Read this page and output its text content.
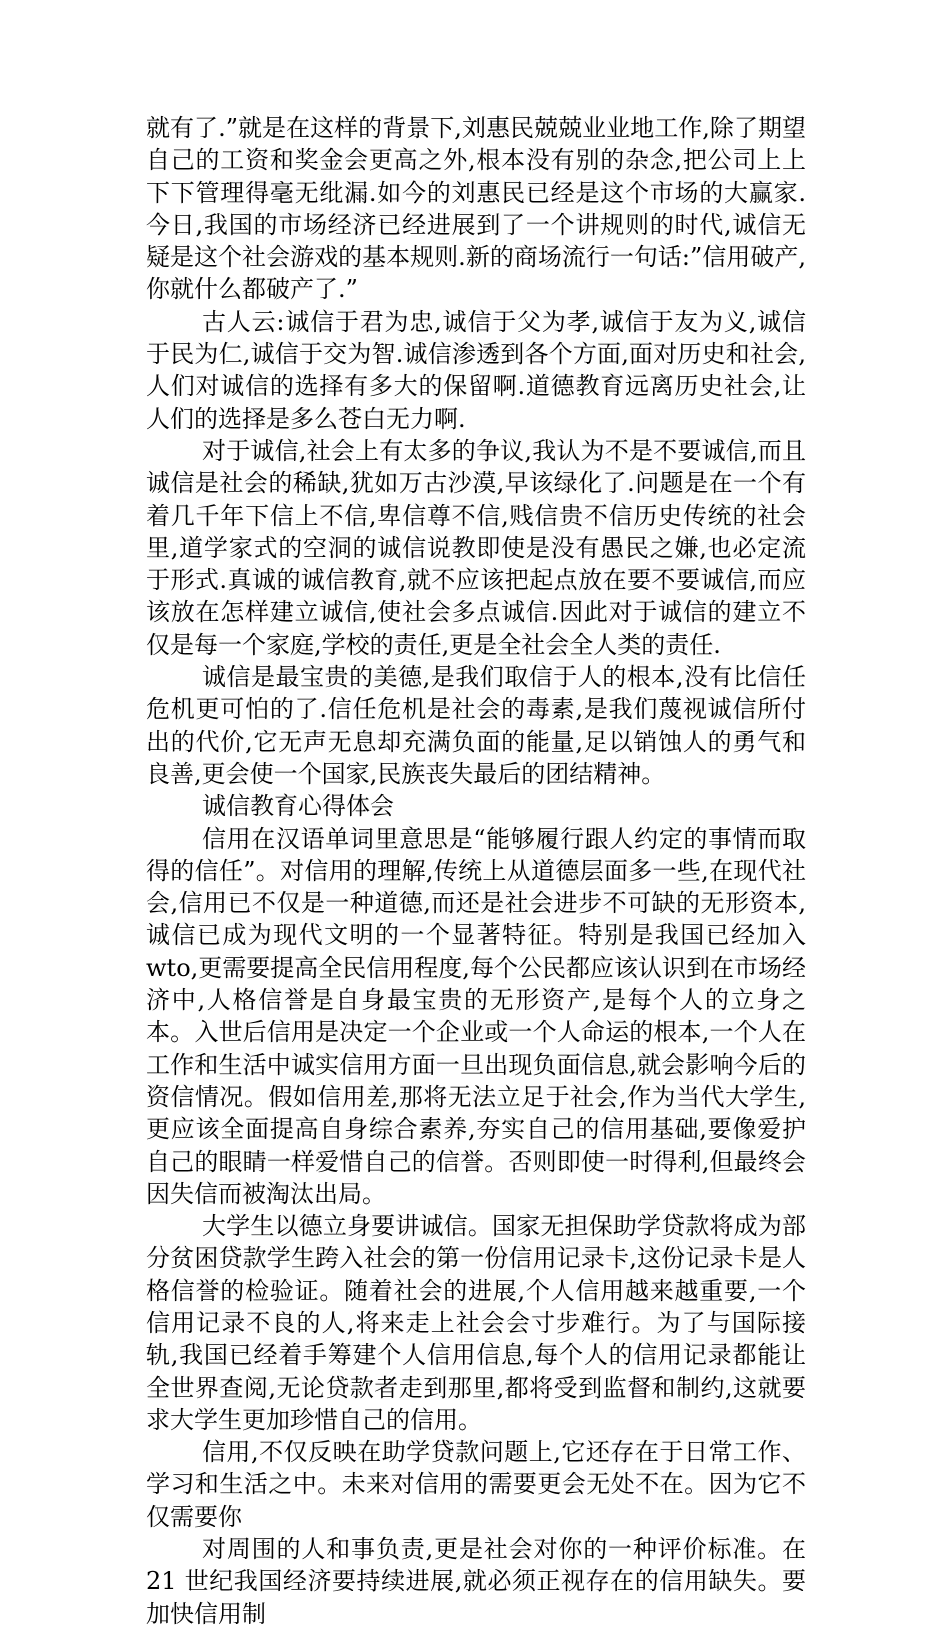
就有了.”就是在这样的背景下,刘惠民兢兢业业地工作,除了期望自己的工资和奖金会更高之外,根本没有别的杂念,把公司上上下下管理得毫无纰漏.如今的刘惠民已经是这个市场的大赢家.今日,我国的市场经济已经进展到了一个讲规则的时代,诚信无疑是这个社会游戏的基本规则.新的商场流行一句话:”信用破产,你就什么都破产了.”

古人云:诚信于君为忠,诚信于父为孝,诚信于友为义,诚信于民为仁,诚信于交为智.诚信渗透到各个方面,面对历史和社会,人们对诚信的选择有多大的保留啊.道德教育远离历史社会,让人们的选择是多么苍白无力啊.

对于诚信,社会上有太多的争议,我认为不是不要诚信,而且诚信是社会的稀缺,犹如万古沙漠,早该绿化了.问题是在一个有着几千年下信上不信,卑信尊不信,贱信贵不信历史传统的社会里,道学家式的空洞的诚信说教即使是没有愚民之嫌,也必定流于形式.真诚的诚信教育,就不应该把起点放在要不要诚信,而应该放在怎样建立诚信,使社会多点诚信.因此对于诚信的建立不仅是每一个家庭,学校的责任,更是全社会全人类的责任.

诚信是最宝贵的美德,是我们取信于人的根本,没有比信任危机更可怕的了.信任危机是社会的毒素,是我们蔑视诚信所付出的代价,它无声无息却充满负面的能量,足以销蚀人的勇气和良善,更会使一个国家,民族丧失最后的团结精神。

诚信教育心得体会

信用在汉语单词里意思是“能够履行跟人约定的事情而取得的信任”。对信用的理解,传统上从道德层面多一些,在现代社会,信用已不仅是一种道德,而还是社会进步不可缺的无形资本,诚信已成为现代文明的一个显著特征。特别是我国已经加入 wto,更需要提高全民信用程度,每个公民都应该认识到在市场经济中,人格信誉是自身最宝贵的无形资产,是每个人的立身之本。入世后信用是决定一个企业或一个人命运的根本,一个人在工作和生活中诚实信用方面一旦出现负面信息,就会影响今后的资信情况。假如信用差,那将无法立足于社会,作为当代大学生,更应该全面提高自身综合素养,夯实自己的信用基础,要像爱护自己的眼睛一样爱惜自己的信誉。否则即使一时得利,但最终会因失信而被淘汰出局。

大学生以德立身要讲诚信。国家无担保助学贷款将成为部分贫困贷款学生跨入社会的第一份信用记录卡,这份记录卡是人格信誉的检验证。随着社会的进展,个人信用越来越重要,一个信用记录不良的人,将来走上社会会寸步难行。为了与国际接轨,我国已经着手筹建个人信用信息,每个人的信用记录都能让全世界查阅,无论贷款者走到那里,都将受到监督和制约,这就要求大学生更加珍惜自己的信用。

信用,不仅反映在助学贷款问题上,它还存在于日常工作、学习和生活之中。未来对信用的需要更会无处不在。因为它不仅需要你

对周围的人和事负责,更是社会对你的一种评价标准。在 21 世纪我国经济要持续进展,就必须正视存在的信用缺失。要加快信用制
